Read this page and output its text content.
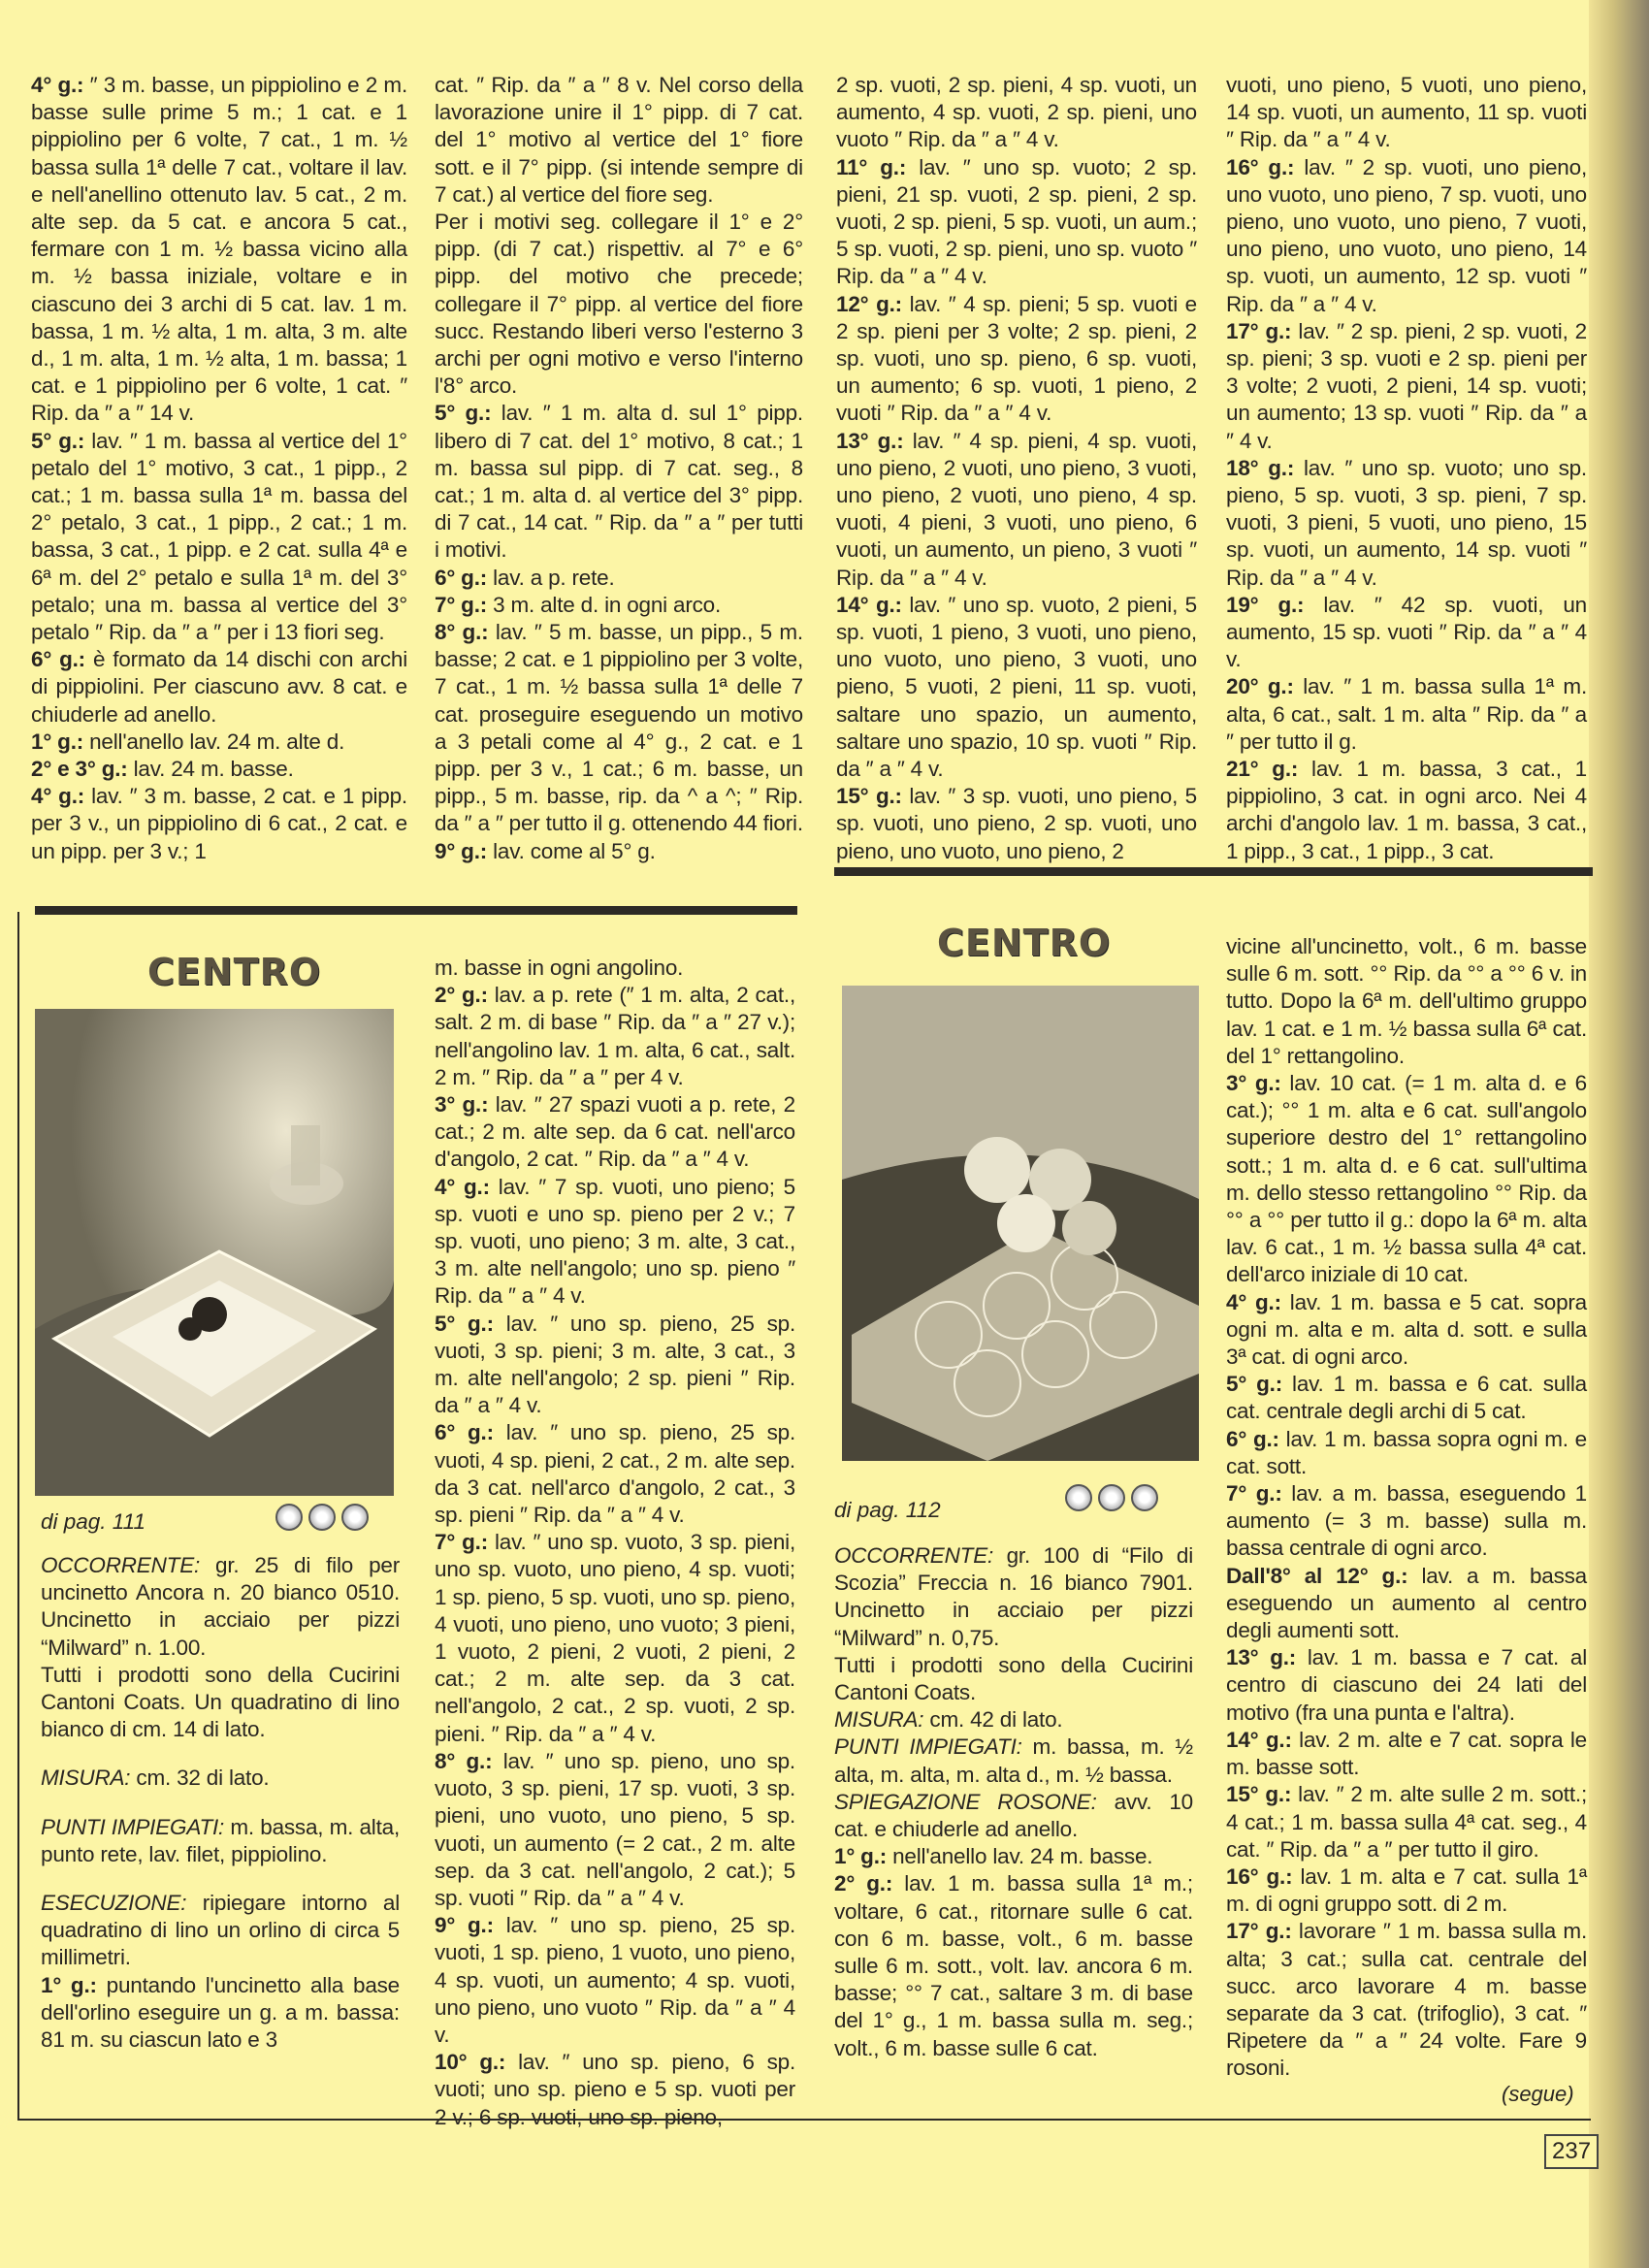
4° g.: ″ 3 m. basse, un pippiolino e 2 m. basse sulle prime 5 m.; 1 cat. e 1 pippiolino per 6 volte, 7 cat., 1 m. ½ bassa sulla 1ª delle 7 cat., voltare il lav. e nell'anellino ottenuto lav. 5 cat., 2 m. alte sep. da 5 cat. e ancora 5 cat., fermare con 1 m. ½ bassa vicino alla m. ½ bassa iniziale, voltare e in ciascuno dei 3 archi di 5 cat. lav. 1 m. bassa, 1 m. ½ alta, 1 m. alta, 3 m. alte d., 1 m. alta, 1 m. ½ alta, 1 m. bassa; 1 cat. e 1 pippiolino per 6 volte, 1 cat. ″ Rip. da ″ a ″ 14 v.

5° g.: lav. ″ 1 m. bassa al vertice del 1° petalo del 1° motivo, 3 cat., 1 pipp., 2 cat.; 1 m. bassa sulla 1ª m. bassa del 2° petalo, 3 cat., 1 pipp., 2 cat.; 1 m. bassa, 3 cat., 1 pipp. e 2 cat. sulla 4ª e 6ª m. del 2° petalo e sulla 1ª m. del 3° petalo; una m. bassa al vertice del 3° petalo ″ Rip. da ″ a ″ per i 13 fiori seg.

6° g.: è formato da 14 dischi con archi di pippiolini. Per ciascuno avv. 8 cat. e chiuderle ad anello.

1° g.: nell'anello lav. 24 m. alte d.

2° e 3° g.: lav. 24 m. basse.

4° g.: lav. ″ 3 m. basse, 2 cat. e 1 pipp. per 3 v., un pippiolino di 6 cat., 2 cat. e un pipp. per 3 v.; 1

cat. ″ Rip. da ″ a ″ 8 v. Nel corso della lavorazione unire il 1° pipp. di 7 cat. del 1° motivo al vertice del 1° fiore sott. e il 7° pipp. (si intende sempre di 7 cat.) al vertice del fiore seg.

Per i motivi seg. collegare il 1° e 2° pipp. (di 7 cat.) rispettiv. al 7° e 6° pipp. del motivo che precede; collegare il 7° pipp. al vertice del fiore succ. Restando liberi verso l'esterno 3 archi per ogni motivo e verso l'interno l'8° arco.

5° g.: lav. ″ 1 m. alta d. sul 1° pipp. libero di 7 cat. del 1° motivo, 8 cat.; 1 m. bassa sul pipp. di 7 cat. seg., 8 cat.; 1 m. alta d. al vertice del 3° pipp. di 7 cat., 14 cat. ″ Rip. da ″ a ″ per tutti i motivi.

6° g.: lav. a p. rete.

7° g.: 3 m. alte d. in ogni arco.

8° g.: lav. ″ 5 m. basse, un pipp., 5 m. basse; 2 cat. e 1 pippiolino per 3 volte, 7 cat., 1 m. ½ bassa sulla 1ª delle 7 cat. proseguire eseguendo un motivo a 3 petali come al 4° g., 2 cat. e 1 pipp. per 3 v., 1 cat.; 6 m. basse, un pipp., 5 m. basse, rip. da ^ a ^; ″ Rip. da ″ a ″ per tutto il g. ottenendo 44 fiori.

9° g.: lav. come al 5° g.

2 sp. vuoti, 2 sp. pieni, 4 sp. vuoti, un aumento, 4 sp. vuoti, 2 sp. pieni, uno vuoto ″ Rip. da ″ a ″ 4 v.

11° g.: lav. ″ uno sp. vuoto; 2 sp. pieni, 21 sp. vuoti, 2 sp. pieni, 2 sp. vuoti, 2 sp. pieni, 5 sp. vuoti, un aum.; 5 sp. vuoti, 2 sp. pieni, uno sp. vuoto ″ Rip. da ″ a ″ 4 v.

12° g.: lav. ″ 4 sp. pieni; 5 sp. vuoti e 2 sp. pieni per 3 volte; 2 sp. pieni, 2 sp. vuoti, uno sp. pieno, 6 sp. vuoti, un aumento; 6 sp. vuoti, 1 pieno, 2 vuoti ″ Rip. da ″ a ″ 4 v.

13° g.: lav. ″ 4 sp. pieni, 4 sp. vuoti, uno pieno, 2 vuoti, uno pieno, 3 vuoti, uno pieno, 2 vuoti, uno pieno, 4 sp. vuoti, 4 pieni, 3 vuoti, uno pieno, 6 vuoti, un aumento, un pieno, 3 vuoti ″ Rip. da ″ a ″ 4 v.

14° g.: lav. ″ uno sp. vuoto, 2 pieni, 5 sp. vuoti, 1 pieno, 3 vuoti, uno pieno, uno vuoto, uno pieno, 3 vuoti, uno pieno, 5 vuoti, 2 pieni, 11 sp. vuoti, saltare uno spazio, un aumento, saltare uno spazio, 10 sp. vuoti ″ Rip. da ″ a ″ 4 v.

15° g.: lav. ″ 3 sp. vuoti, uno pieno, 5 sp. vuoti, uno pieno, 2 sp. vuoti, uno pieno, uno vuoto, uno pieno, 2

vuoti, uno pieno, 5 vuoti, uno pieno, 14 sp. vuoti, un aumento, 11 sp. vuoti ″ Rip. da ″ a ″ 4 v.

16° g.: lav. ″ 2 sp. vuoti, uno pieno, uno vuoto, uno pieno, 7 sp. vuoti, uno pieno, uno vuoto, uno pieno, 7 vuoti, uno pieno, uno vuoto, uno pieno, 14 sp. vuoti, un aumento, 12 sp. vuoti ″ Rip. da ″ a ″ 4 v.

17° g.: lav. ″ 2 sp. pieni, 2 sp. vuoti, 2 sp. pieni; 3 sp. vuoti e 2 sp. pieni per 3 volte; 2 vuoti, 2 pieni, 14 sp. vuoti; un aumento; 13 sp. vuoti ″ Rip. da ″ a ″ 4 v.

18° g.: lav. ″ uno sp. vuoto; uno sp. pieno, 5 sp. vuoti, 3 sp. pieni, 7 sp. vuoti, 3 pieni, 5 vuoti, uno pieno, 15 sp. vuoti, un aumento, 14 sp. vuoti ″ Rip. da ″ a ″ 4 v.

19° g.: lav. ″ 42 sp. vuoti, un aumento, 15 sp. vuoti ″ Rip. da ″ a ″ 4 v.

20° g.: lav. ″ 1 m. bassa sulla 1ª m. alta, 6 cat., salt. 1 m. alta ″ Rip. da ″ a ″ per tutto il g.

21° g.: lav. 1 m. bassa, 3 cat., 1 pippiolino, 3 cat. in ogni arco. Nei 4 archi d'angolo lav. 1 m. bassa, 3 cat., 1 pipp., 3 cat., 1 pipp., 3 cat.

CENTRO
CENTRO
di pag. 111	di pag. 112

OCCORRENTE: gr. 25 di filo per uncinetto Ancora n. 20 bianco 0510. Uncinetto in acciaio per pizzi “Milward” n. 1.00.

Tutti i prodotti sono della Cucirini Cantoni Coats. Un quadratino di lino bianco di cm. 14 di lato.

MISURA: cm. 32 di lato.

PUNTI IMPIEGATI: m. bassa, m. alta, punto rete, lav. filet, pippiolino.

ESECUZIONE: ripiegare intorno al quadratino di lino un orlino di circa 5 millimetri.

1° g.: puntando l'uncinetto alla base dell'orlino eseguire un g. a m. bassa: 81 m. su ciascun lato e 3

m. basse in ogni angolino.

2° g.: lav. a p. rete (″ 1 m. alta, 2 cat., salt. 2 m. di base ″ Rip. da ″ a ″ 27 v.); nell'angolino lav. 1 m. alta, 6 cat., salt. 2 m. ″ Rip. da ″ a ″ per 4 v.

3° g.: lav. ″ 27 spazi vuoti a p. rete, 2 cat.; 2 m. alte sep. da 6 cat. nell'arco d'angolo, 2 cat. ″ Rip. da ″ a ″ 4 v.

4° g.: lav. ″ 7 sp. vuoti, uno pieno; 5 sp. vuoti e uno sp. pieno per 2 v.; 7 sp. vuoti, uno pieno; 3 m. alte, 3 cat., 3 m. alte nell'angolo; uno sp. pieno ″ Rip. da ″ a ″ 4 v.

5° g.: lav. ″ uno sp. pieno, 25 sp. vuoti, 3 sp. pieni; 3 m. alte, 3 cat., 3 m. alte nell'angolo; 2 sp. pieni ″ Rip. da ″ a ″ 4 v.

6° g.: lav. ″ uno sp. pieno, 25 sp. vuoti, 4 sp. pieni, 2 cat., 2 m. alte sep. da 3 cat. nell'arco d'angolo, 2 cat., 3 sp. pieni ″ Rip. da ″ a ″ 4 v.

7° g.: lav. ″ uno sp. vuoto, 3 sp. pieni, uno sp. vuoto, uno pieno, 4 sp. vuoti; 1 sp. pieno, 5 sp. vuoti, uno sp. pieno, 4 vuoti, uno pieno, uno vuoto; 3 pieni, 1 vuoto, 2 pieni, 2 vuoti, 2 pieni, 2 cat.; 2 m. alte sep. da 3 cat. nell'angolo, 2 cat., 2 sp. vuoti, 2 sp. pieni. ″ Rip. da ″ a ″ 4 v.

8° g.: lav. ″ uno sp. pieno, uno sp. vuoto, 3 sp. pieni, 17 sp. vuoti, 3 sp. pieni, uno vuoto, uno pieno, 5 sp. vuoti, un aumento (= 2 cat., 2 m. alte sep. da 3 cat. nell'angolo, 2 cat.); 5 sp. vuoti ″ Rip. da ″ a ″ 4 v.

9° g.: lav. ″ uno sp. pieno, 25 sp. vuoti, 1 sp. pieno, 1 vuoto, uno pieno, 4 sp. vuoti, un aumento; 4 sp. vuoti, uno pieno, uno vuoto ″ Rip. da ″ a ″ 4 v.

10° g.: lav. ″ uno sp. pieno, 6 sp. vuoti; uno sp. pieno e 5 sp. vuoti per 2 v.; 6 sp. vuoti, uno sp. pieno,

OCCORRENTE: gr. 100 di “Filo di Scozia” Freccia n. 16 bianco 7901. Uncinetto in acciaio per pizzi “Milward” n. 0,75.

Tutti i prodotti sono della Cucirini Cantoni Coats.

MISURA: cm. 42 di lato.

PUNTI IMPIEGATI: m. bassa, m. ½ alta, m. alta, m. alta d., m. ½ bassa.

SPIEGAZIONE ROSONE: avv. 10 cat. e chiuderle ad anello.

1° g.: nell'anello lav. 24 m. basse.

2° g.: lav. 1 m. bassa sulla 1ª m.; voltare, 6 cat., ritornare sulle 6 cat. con 6 m. basse, volt., 6 m. basse sulle 6 m. sott., volt. lav. ancora 6 m. basse; °° 7 cat., saltare 3 m. di base del 1° g., 1 m. bassa sulla m. seg.; volt., 6 m. basse sulle 6 cat.

vicine all'uncinetto, volt., 6 m. basse sulle 6 m. sott. °° Rip. da °° a °° 6 v. in tutto. Dopo la 6ª m. dell'ultimo gruppo lav. 1 cat. e 1 m. ½ bassa sulla 6ª cat. del 1° rettangolino.

3° g.: lav. 10 cat. (= 1 m. alta d. e 6 cat.); °° 1 m. alta e 6 cat. sull'angolo superiore destro del 1° rettangolino sott.; 1 m. alta d. e 6 cat. sull'ultima m. dello stesso rettangolino °° Rip. da °° a °° per tutto il g.: dopo la 6ª m. alta lav. 6 cat., 1 m. ½ bassa sulla 4ª cat. dell'arco iniziale di 10 cat.

4° g.: lav. 1 m. bassa e 5 cat. sopra ogni m. alta e m. alta d. sott. e sulla 3ª cat. di ogni arco.

5° g.: lav. 1 m. bassa e 6 cat. sulla cat. centrale degli archi di 5 cat.

6° g.: lav. 1 m. bassa sopra ogni m. e cat. sott.

7° g.: lav. a m. bassa, eseguendo 1 aumento (= 3 m. basse) sulla m. bassa centrale di ogni arco.

Dall'8° al 12° g.: lav. a m. bassa eseguendo un aumento al centro degli aumenti sott.

13° g.: lav. 1 m. bassa e 7 cat. al centro di ciascuno dei 24 lati del motivo (fra una punta e l'altra).

14° g.: lav. 2 m. alte e 7 cat. sopra le m. basse sott.

15° g.: lav. ″ 2 m. alte sulle 2 m. sott.; 4 cat.; 1 m. bassa sulla 4ª cat. seg., 4 cat. ″ Rip. da ″ a ″ per tutto il giro.

16° g.: lav. 1 m. alta e 7 cat. sulla 1ª m. di ogni gruppo sott. di 2 m.

17° g.: lavorare ″ 1 m. bassa sulla m. alta; 3 cat.; sulla cat. centrale del succ. arco lavorare 4 m. basse separate da 3 cat. (trifoglio), 3 cat. ″ Ripetere da ″ a ″ 24 volte. Fare 9 rosoni.

(segue)
237
